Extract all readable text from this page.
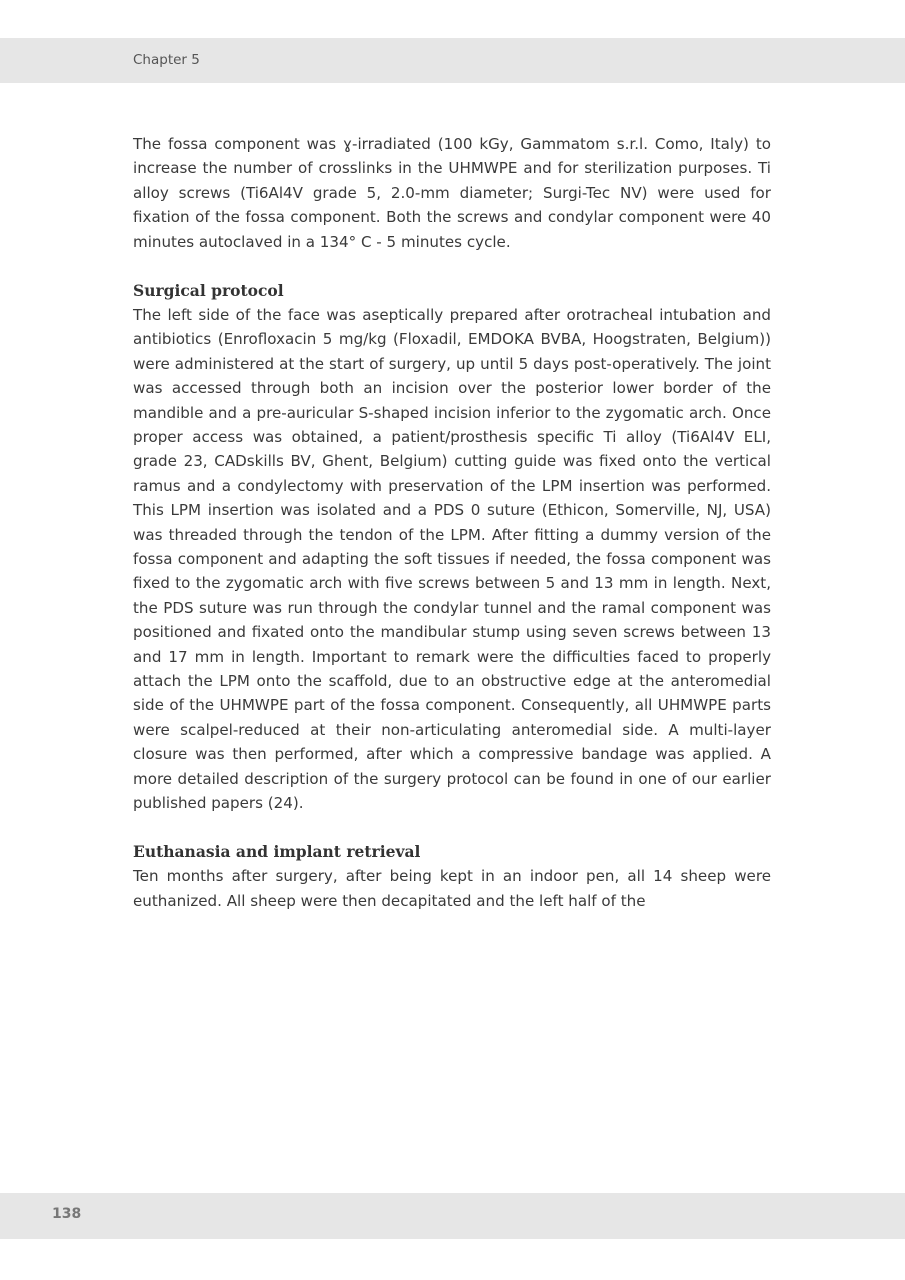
Chapter 5

The fossa component was ɣ-irradiated (100 kGy, Gammatom s.r.l. Como, Italy) to increase the number of crosslinks in the UHMWPE and for sterilization purposes. Ti alloy screws (Ti6Al4V grade 5, 2.0-mm diameter; Surgi-Tec NV) were used for fixation of the fossa component. Both the screws and condylar component were 40 minutes autoclaved in a 134° C - 5 minutes cycle.

Surgical protocol

The left side of the face was aseptically prepared after orotracheal intubation and antibiotics (Enrofloxacin 5 mg/kg (Floxadil, EMDOKA BVBA, Hoogstraten, Belgium)) were administered at the start of surgery, up until 5 days post-operatively. The joint was accessed through both an incision over the posterior lower border of the mandible and a pre-auricular S-shaped incision inferior to the zygomatic arch. Once proper access was obtained, a patient/prosthesis specific Ti alloy (Ti6Al4V ELI, grade 23, CADskills BV, Ghent, Belgium) cutting guide was fixed onto the vertical ramus and a condylectomy with preservation of the LPM insertion was performed. This LPM insertion was isolated and a PDS 0 suture (Ethicon, Somerville, NJ, USA) was threaded through the tendon of the LPM. After fitting a dummy version of the fossa component and adapting the soft tissues if needed, the fossa component was fixed to the zygomatic arch with five screws between 5 and 13 mm in length. Next, the PDS suture was run through the condylar tunnel and the ramal component was positioned and fixated onto the mandibular stump using seven screws between 13 and 17 mm in length. Important to remark were the difficulties faced to properly attach the LPM onto the scaffold, due to an obstructive edge at the anteromedial side of the UHMWPE part of the fossa component. Consequently, all UHMWPE parts were scalpel-reduced at their non-articulating anteromedial side. A multi-layer closure was then performed, after which a compressive bandage was applied. A more detailed description of the surgery protocol can be found in one of our earlier published papers (24).

Euthanasia and implant retrieval

Ten months after surgery, after being kept in an indoor pen, all 14 sheep were euthanized. All sheep were then decapitated and the left half of the

138
